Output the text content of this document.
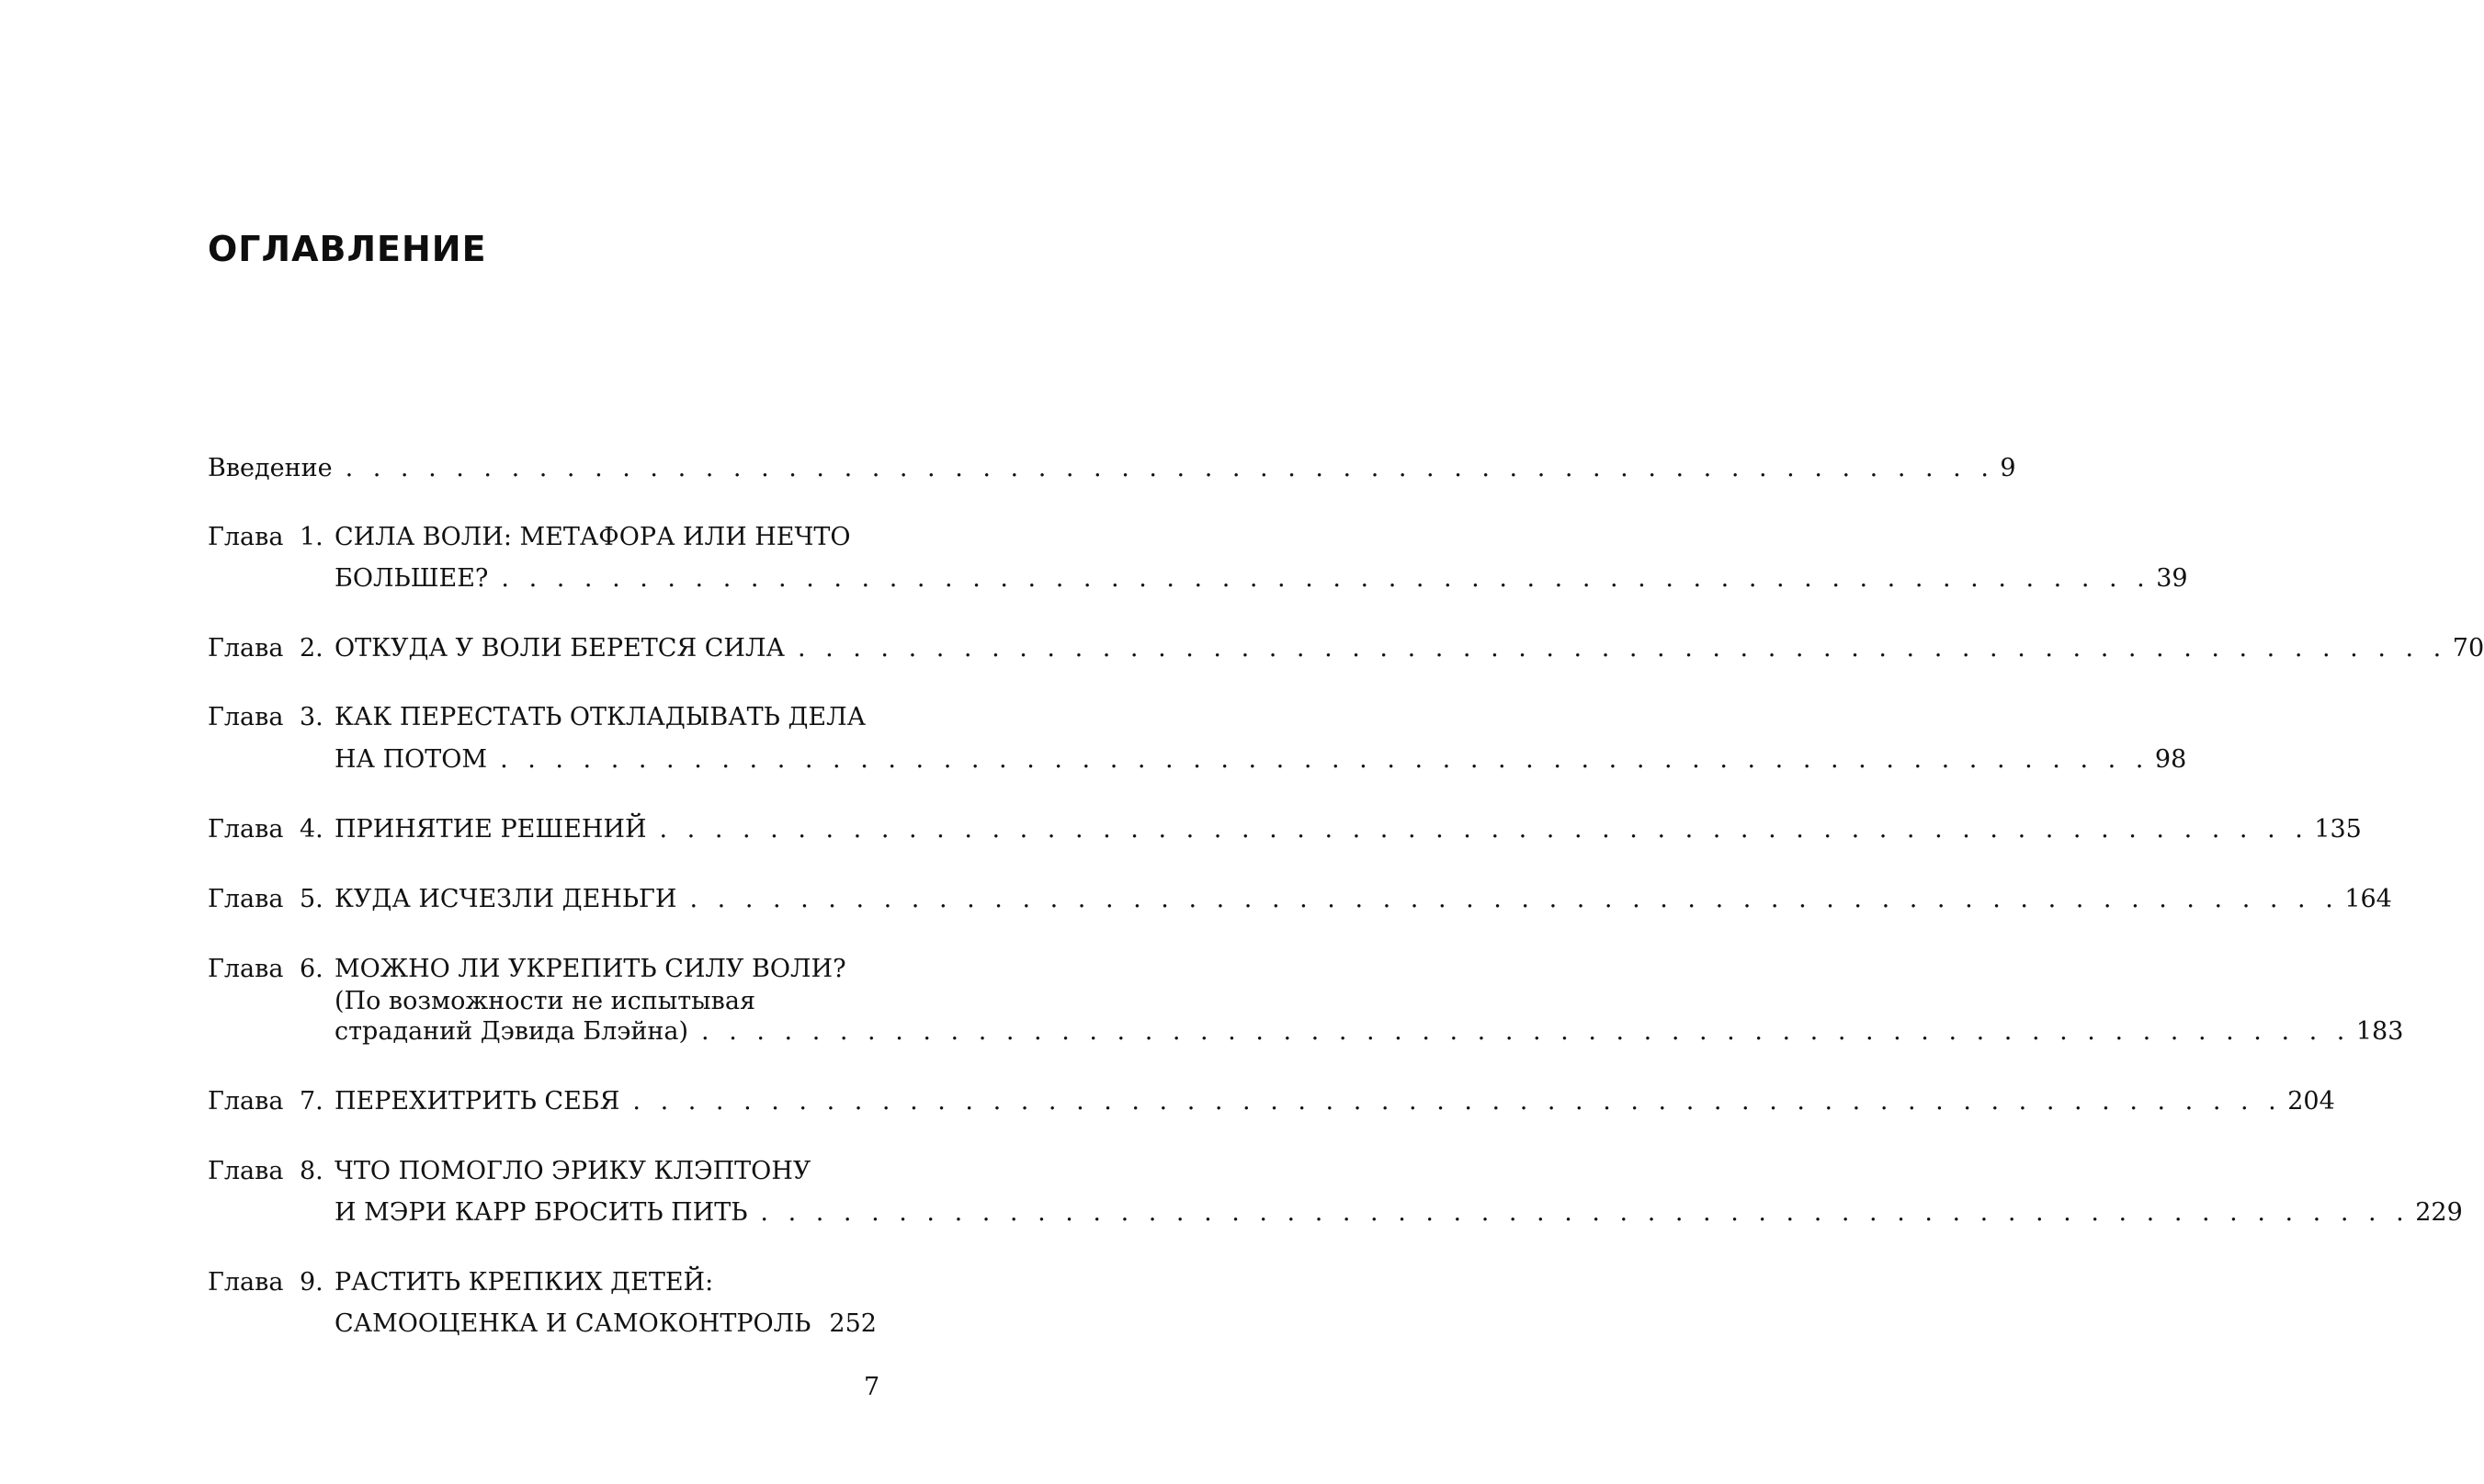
ОГЛАВЛЕНИЕ
Введение . . . . . . . . . . . . . . . . . . . . . . . . . . . . . . . . . . . . . . . . . . . . . . . . . . . . . . . . . . . . 9
Глава 1. СИЛА ВОЛИ: МЕТАФОРА ИЛИ НЕЧТО
БОЛЬШЕЕ? . . . . . . . . . . . . . . . . . . . . . . . . . . . . . . . . . . . . . . . . . . . . . . . . . . . . . . . . . . . . 39
Глава 2. ОТКУДА У ВОЛИ БЕРЕТСЯ СИЛА . . . . . . . . . . . . . . . . . . . . . . . . . . . . . . . . . . . . . . . . . . . . . . . . . . . . . . . . . . . . 70
Глава 3. КАК ПЕРЕСТАТЬ ОТКЛАДЫВАТЬ ДЕЛА
НА ПОТОМ . . . . . . . . . . . . . . . . . . . . . . . . . . . . . . . . . . . . . . . . . . . . . . . . . . . . . . . . . . . . 98
Глава 4. ПРИНЯТИЕ РЕШЕНИЙ . . . . . . . . . . . . . . . . . . . . . . . . . . . . . . . . . . . . . . . . . . . . . . . . . . . . . . . . . . . . 135
Глава 5. КУДА ИСЧЕЗЛИ ДЕНЬГИ . . . . . . . . . . . . . . . . . . . . . . . . . . . . . . . . . . . . . . . . . . . . . . . . . . . . . . . . . . . . 164
Глава 6. МОЖНО ЛИ УКРЕПИТЬ СИЛУ ВОЛИ?
(По возможности не испытывая
страданий Дэвида Блэйна) . . . . . . . . . . . . . . . . . . . . . . . . . . . . . . . . . . . . . . . . . . . . . . . . . . . . . . . . . . . . 183
Глава 7. ПЕРЕХИТРИТЬ СЕБЯ . . . . . . . . . . . . . . . . . . . . . . . . . . . . . . . . . . . . . . . . . . . . . . . . . . . . . . . . . . . . 204
Глава 8. ЧТО ПОМОГЛО ЭРИКУ КЛЭПТОНУ
И МЭРИ КАРР БРОСИТЬ ПИТЬ . . . . . . . . . . . . . . . . . . . . . . . . . . . . . . . . . . . . . . . . . . . . . . . . . . . . . . . . . . . . 229
Глава 9. РАСТИТЬ КРЕПКИХ ДЕТЕЙ:
САМООЦЕНКА И САМОКОНТРОЛЬ 252
7
